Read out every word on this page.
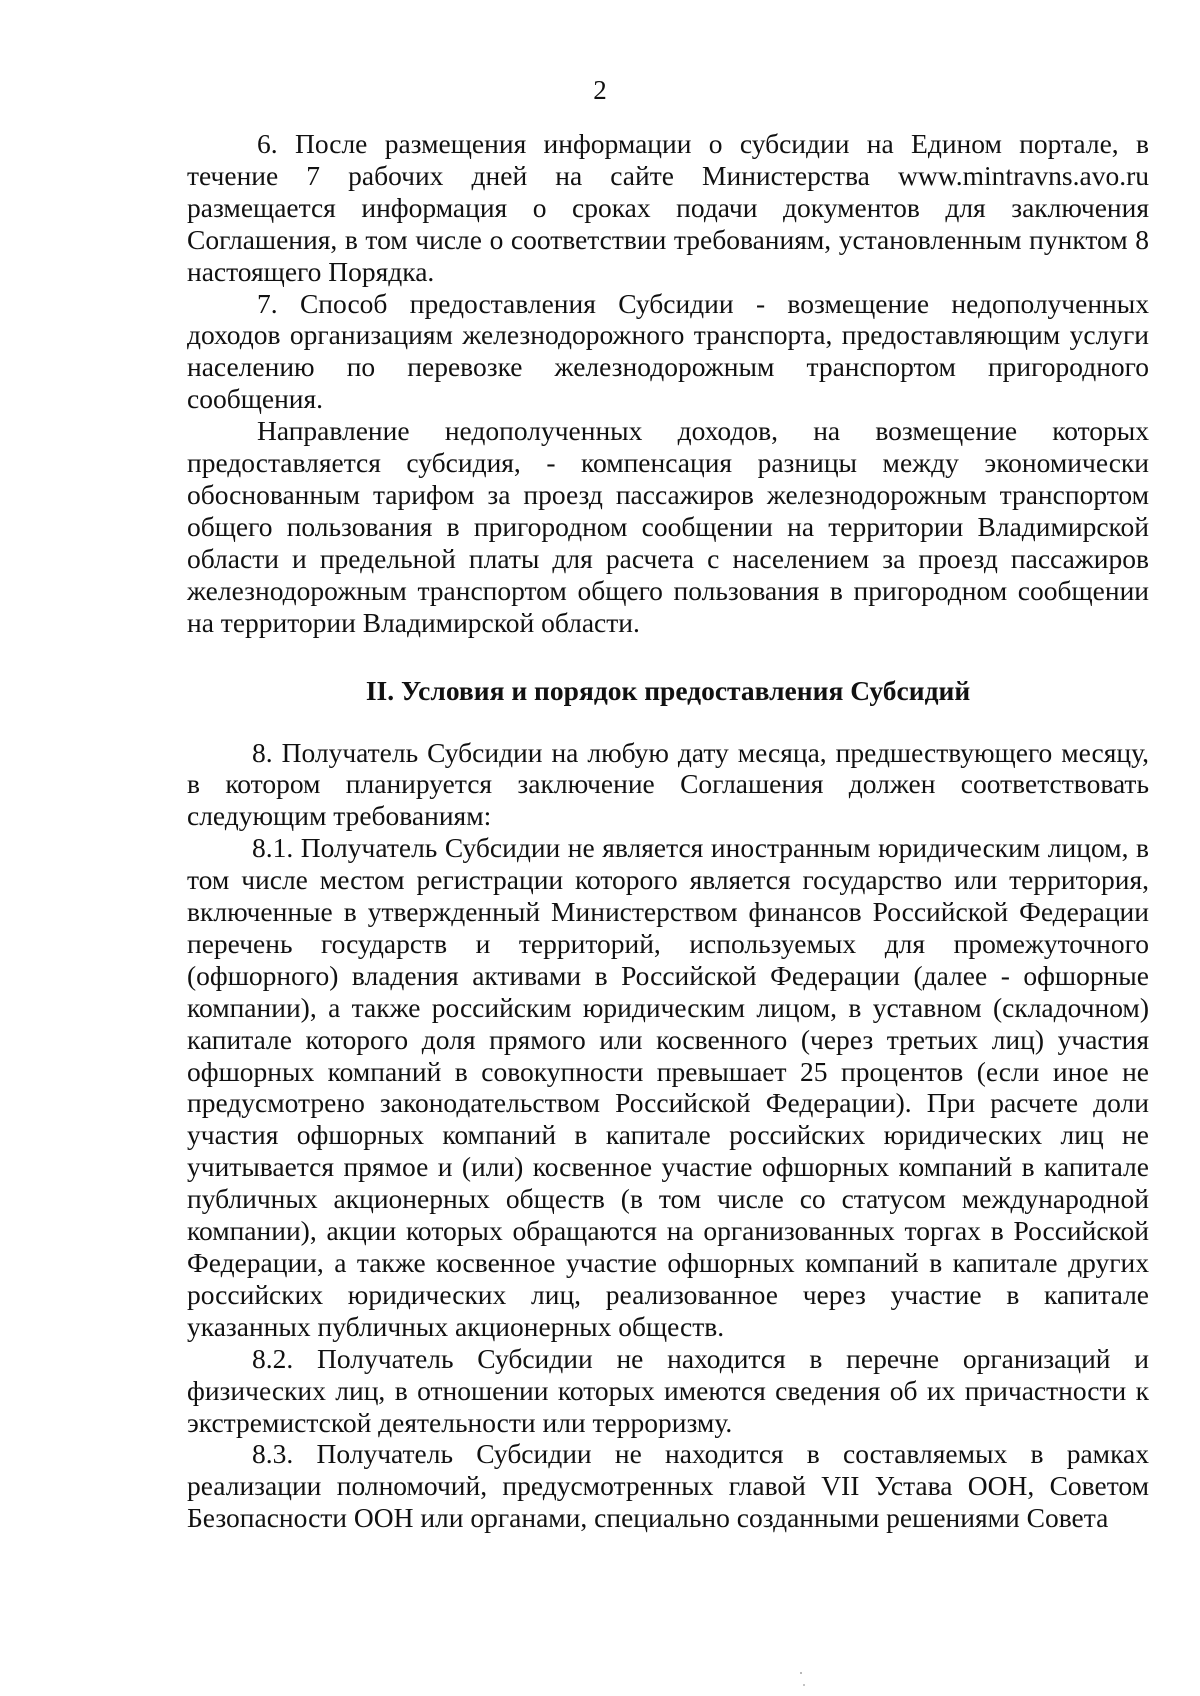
2

6. После размещения информации о субсидии на Едином портале, в течение 7 рабочих дней на сайте Министерства www.mintravns.avo.ru размещается информация о сроках подачи документов для заключения Соглашения, в том числе о соответствии требованиям, установленным пунктом 8 настоящего Порядка.

7. Способ предоставления Субсидии - возмещение недополученных доходов организациям железнодорожного транспорта, предоставляющим услуги населению по перевозке железнодорожным транспортом пригородного сообщения.

Направление недополученных доходов, на возмещение которых предоставляется субсидия, - компенсация разницы между экономически обоснованным тарифом за проезд пассажиров железнодорожным транспортом общего пользования в пригородном сообщении на территории Владимирской области и предельной платы для расчета с населением за проезд пассажиров железнодорожным транспортом общего пользования в пригородном сообщении на территории Владимирской области.

II. Условия и порядок предоставления Субсидий

8. Получатель Субсидии на любую дату месяца, предшествующего месяцу, в котором планируется заключение Соглашения должен соответствовать следующим требованиям:

8.1. Получатель Субсидии не является иностранным юридическим лицом, в том числе местом регистрации которого является государство или территория, включенные в утвержденный Министерством финансов Российской Федерации перечень государств и территорий, используемых для промежуточного (офшорного) владения активами в Российской Федерации (далее - офшорные компании), а также российским юридическим лицом, в уставном (складочном) капитале которого доля прямого или косвенного (через третьих лиц) участия офшорных компаний в совокупности превышает 25 процентов (если иное не предусмотрено законодательством Российской Федерации). При расчете доли участия офшорных компаний в капитале российских юридических лиц не учитывается прямое и (или) косвенное участие офшорных компаний в капитале публичных акционерных обществ (в том числе со статусом международной компании), акции которых обращаются на организованных торгах в Российской Федерации, а также косвенное участие офшорных компаний в капитале других российских юридических лиц, реализованное через участие в капитале указанных публичных акционерных обществ.

8.2. Получатель Субсидии не находится в перечне организаций и физических лиц, в отношении которых имеются сведения об их причастности к экстремистской деятельности или терроризму.

8.3. Получатель Субсидии не находится в составляемых в рамках реализации полномочий, предусмотренных главой VII Устава ООН, Советом Безопасности ООН или органами, специально созданными решениями Совета
